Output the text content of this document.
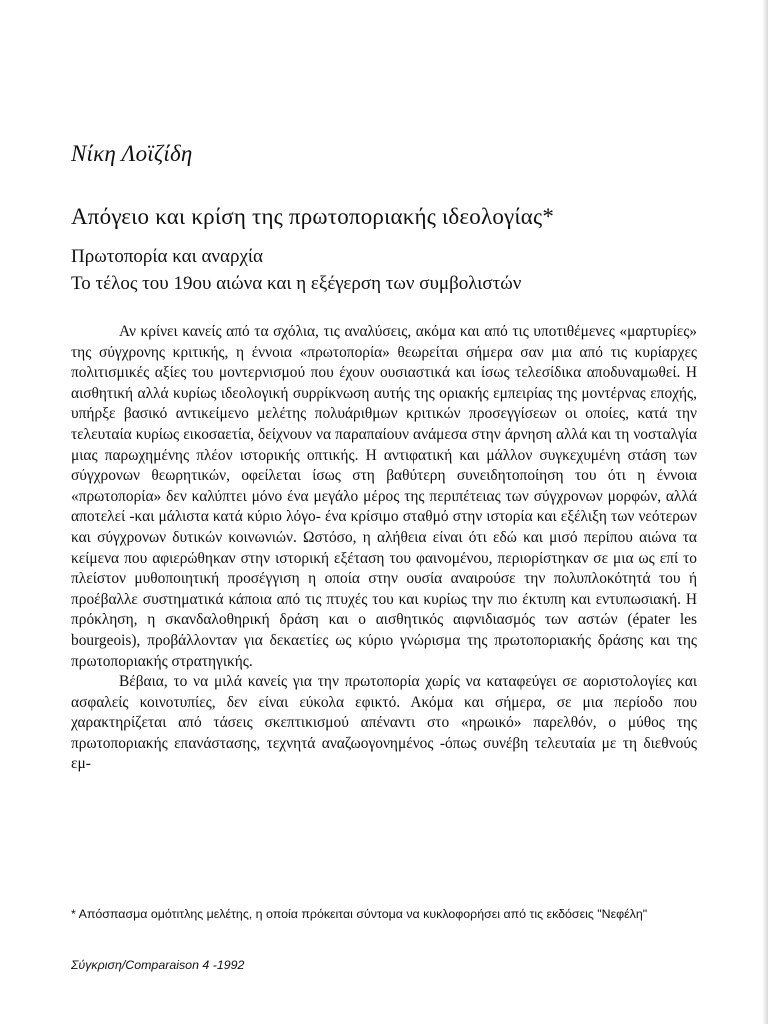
Νίκη Λοϊζίδη
Απόγειο και κρίση της πρωτοποριακής ιδεολογίας*
Πρωτοπορία και αναρχία
Το τέλος του 19ου αιώνα και η εξέγερση των συμβολιστών

Αν κρίνει κανείς από τα σχόλια, τις αναλύσεις, ακόμα και από τις υποτιθέμενες «μαρτυρίες» της σύγχρονης κριτικής, η έννοια «πρωτοπορία» θεωρείται σήμερα σαν μια από τις κυρίαρχες πολιτισμικές αξίες του μοντερνισμού που έχουν ουσιαστικά και ίσως τελεσίδικα αποδυναμωθεί. Η αισθητική αλλά κυρίως ιδεολογική συρρίκνωση αυτής της οριακής εμπειρίας της μοντέρνας εποχής, υπήρξε βασικό αντικείμενο μελέτης πολυάριθμων κριτικών προσεγγίσεων οι οποίες, κατά την τελευταία κυρίως εικοσαετία, δείχνουν να παραπαίουν ανάμεσα στην άρνηση αλλά και τη νοσταλγία μιας παρωχημένης πλέον ιστορικής οπτικής. Η αντιφατική και μάλλον συγκεχυμένη στάση των σύγχρονων θεωρητικών, οφείλεται ίσως στη βαθύτερη συνειδητοποίηση του ότι η έννοια «πρωτοπορία» δεν καλύπτει μόνο ένα μεγάλο μέρος της περιπέτειας των σύγχρονων μορφών, αλλά αποτελεί -και μάλιστα κατά κύριο λόγο- ένα κρίσιμο σταθμό στην ιστορία και εξέλιξη των νεότερων και σύγχρονων δυτικών κοινωνιών. Ωστόσο, η αλήθεια είναι ότι εδώ και μισό περίπου αιώνα τα κείμενα που αφιερώθηκαν στην ιστορική εξέταση του φαινομένου, περιορίστηκαν σε μια ως επί το πλείστον μυθοποιητική προσέγγιση η οποία στην ουσία αναιρούσε την πολυπλοκότητά του ή προέβαλλε συστηματικά κάποια από τις πτυχές του και κυρίως την πιο έκτυπη και εντυπωσιακή. Η πρόκληση, η σκανδαλοθηρική δράση και ο αισθητικός αιφνιδιασμός των αστών (épater les bourgeois), προβάλλονταν για δεκαετίες ως κύριο γνώρισμα της πρωτοποριακής δράσης και της πρωτοποριακής στρατηγικής.

Βέβαια, το να μιλά κανείς για την πρωτοπορία χωρίς να καταφεύγει σε αοριστολογίες και ασφαλείς κοινοτυπίες, δεν είναι εύκολα εφικτό. Ακόμα και σήμερα, σε μια περίοδο που χαρακτηρίζεται από τάσεις σκεπτικισμού απέναντι στο «ηρωικό» παρελθόν, ο μύθος της πρωτοποριακής επανάστασης, τεχνητά αναζωογονημένος -όπως συνέβη τελευταία με τη διεθνούς εμ-

* Απόσπασμα ομότιτλης μελέτης, η οποία πρόκειται σύντομα να κυκλοφορήσει από τις εκδόσεις "Νεφέλη"
Σύγκριση/Comparaison 4 -1992
